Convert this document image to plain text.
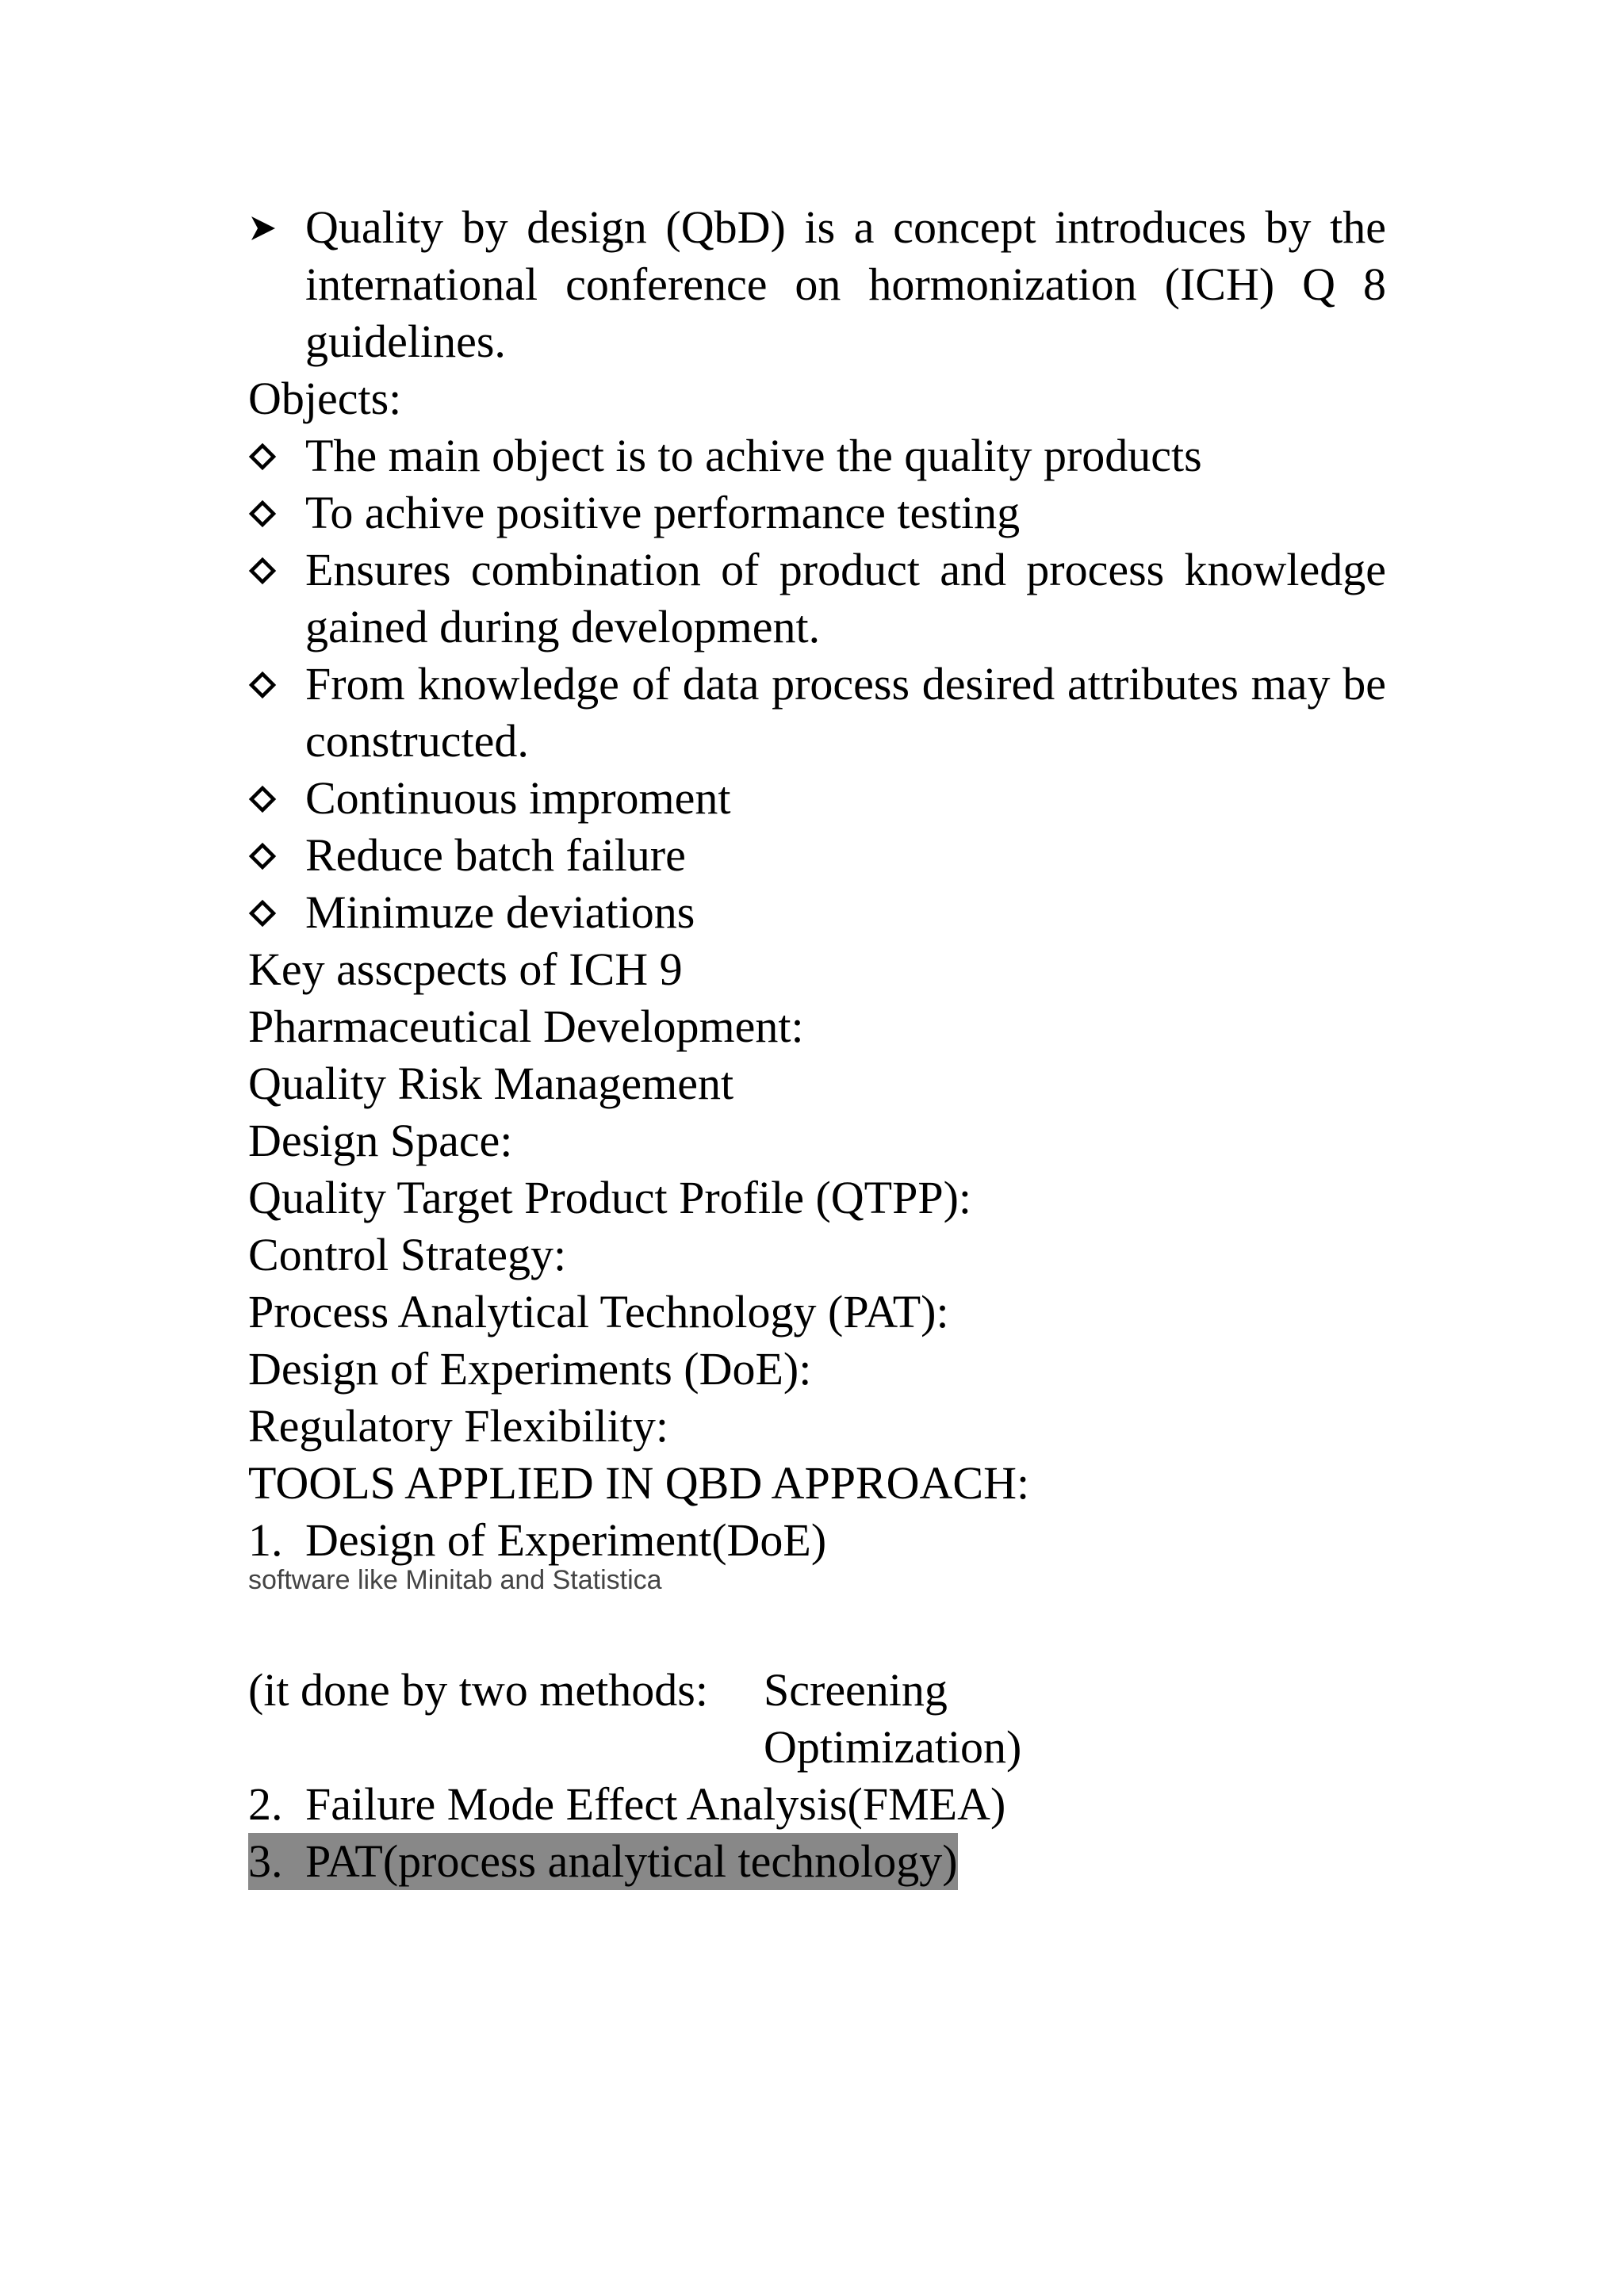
Quality by design (QbD) is a concept introduces by the international conference on hormonization (ICH) Q 8 guidelines.
Objects:
The main object is to achive the quality products
To achive positive performance testing
Ensures combination of product and process knowledge gained during development.
From knowledge of data process desired attributes may be constructed.
Continuous improment
Reduce batch failure
Minimuze deviations
Key asscpects of ICH 9
Pharmaceutical Development:
Quality Risk Management
Design Space:
Quality Target Product Profile (QTPP):
Control Strategy:
Process Analytical Technology (PAT):
Design of Experiments (DoE):
Regulatory Flexibility:
TOOLS APPLIED IN QBD APPROACH:
1. Design of Experiment(DoE)
software like Minitab and Statistica
(it done by two methods:	Screening
Optimization)
2. Failure Mode Effect Analysis(FMEA)
3. PAT(process analytical technology)
